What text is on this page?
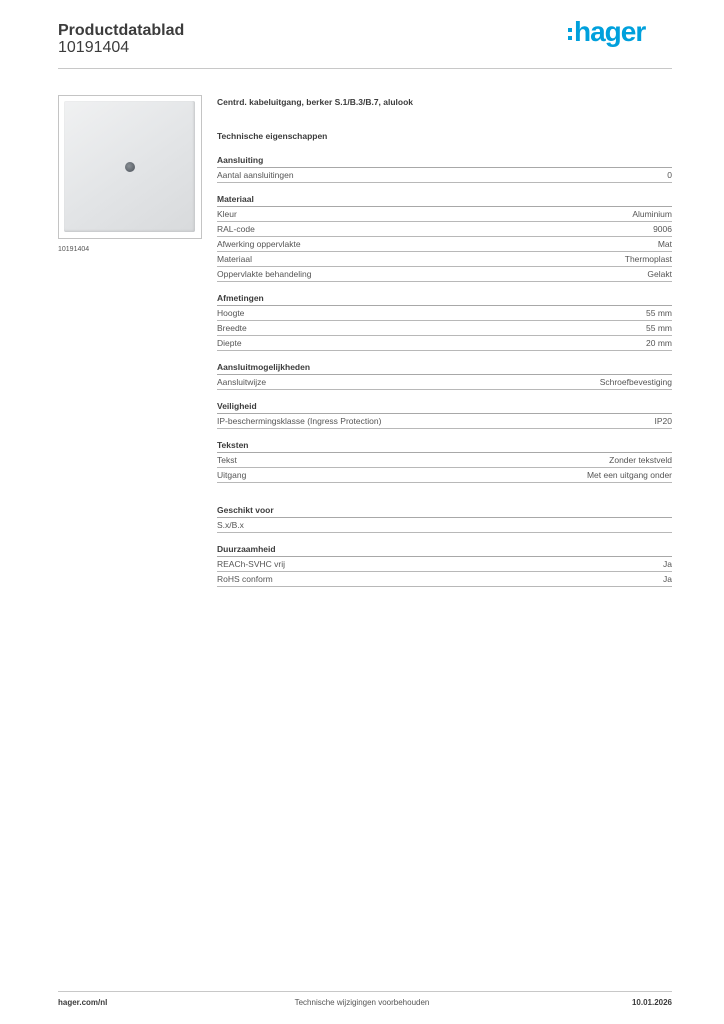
Productdatablad
10191404
hager
10191404
Centrd. kabeluitgang, berker S.1/B.3/B.7, alulook
Technische eigenschappen
Aansluiting
Aantal aansluitingen	0
Materiaal
Kleur	Aluminium
RAL-code	9006
Afwerking oppervlakte	Mat
Materiaal	Thermoplast
Oppervlakte behandeling	Gelakt
Afmetingen
Hoogte	55 mm
Breedte	55 mm
Diepte	20 mm
Aansluitmogelijkheden
Aansluitwijze	Schroefbevestiging
Veiligheid
IP-beschermingsklasse (Ingress Protection)	IP20
Teksten
Tekst	Zonder tekstveld
Uitgang	Met een uitgang onder
Geschikt voor
S.x/B.x
Duurzaamheid
REACh-SVHC vrij	Ja
RoHS conform	Ja
Technische wijzigingen voorbehouden
hager.com/nl	10.01.2026
